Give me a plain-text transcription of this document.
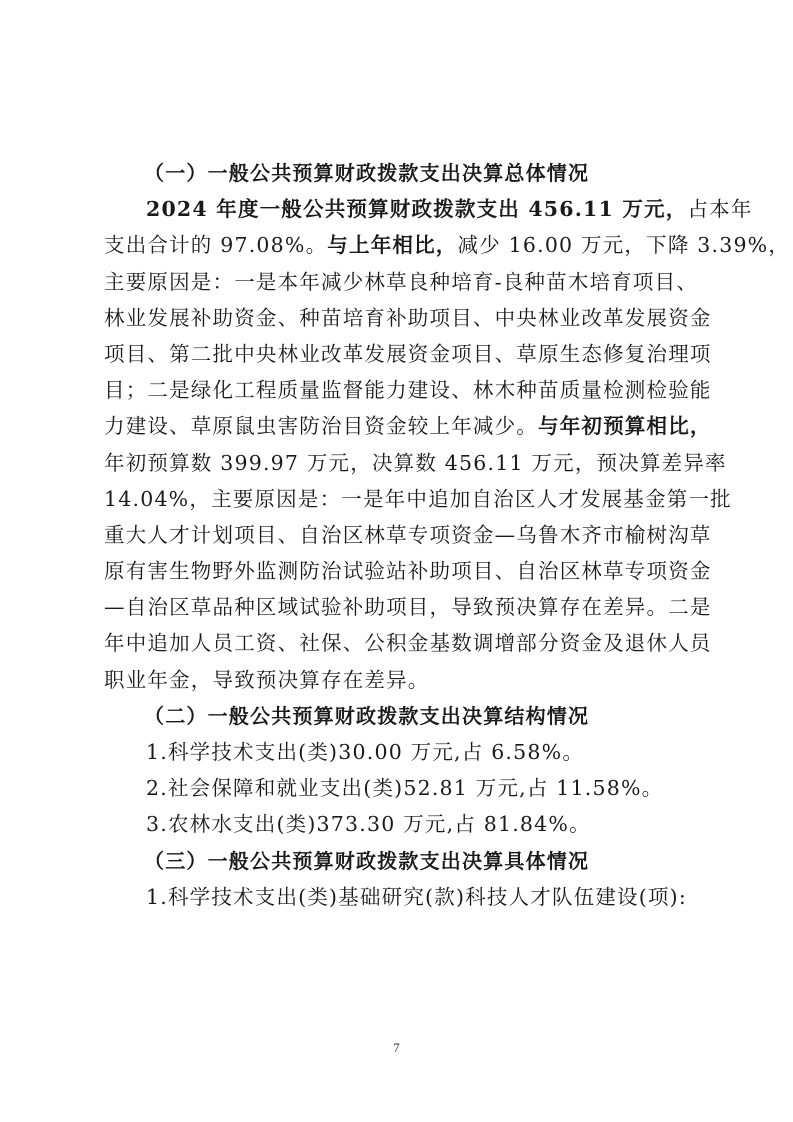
（一）一般公共预算财政拨款支出决算总体情况
2024 年度一般公共预算财政拨款支出 456.11 万元，占本年
支出合计的 97.08%。与上年相比，减少 16.00 万元，下降 3.39%，
主要原因是：一是本年减少林草良种培育-良种苗木培育项目、
林业发展补助资金、种苗培育补助项目、中央林业改革发展资金
项目、第二批中央林业改革发展资金项目、草原生态修复治理项
目；二是绿化工程质量监督能力建设、林木种苗质量检测检验能
力建设、草原鼠虫害防治目资金较上年减少。与年初预算相比，
年初预算数 399.97 万元，决算数 456.11 万元，预决算差异率
14.04%，主要原因是：一是年中追加自治区人才发展基金第一批
重大人才计划项目、自治区林草专项资金—乌鲁木齐市榆树沟草
原有害生物野外监测防治试验站补助项目、自治区林草专项资金
—自治区草品种区域试验补助项目，导致预决算存在差异。二是
年中追加人员工资、社保、公积金基数调增部分资金及退休人员
职业年金，导致预决算存在差异。
（二）一般公共预算财政拨款支出决算结构情况
1.科学技术支出(类)30.00 万元,占 6.58%。
2.社会保障和就业支出(类)52.81 万元,占 11.58%。
3.农林水支出(类)373.30 万元,占 81.84%。
（三）一般公共预算财政拨款支出决算具体情况
1.科学技术支出(类)基础研究(款)科技人才队伍建设(项):
7
